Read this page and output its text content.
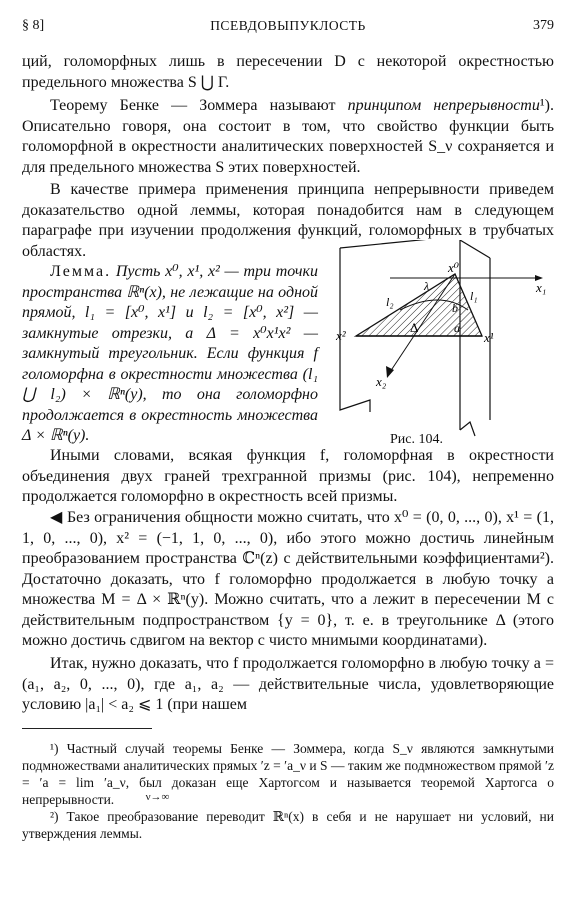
§ 8]	ПСЕВДОВЫПУКЛОСТЬ	379

ций, голоморфных лишь в пересечении D с некоторой окрестностью предельного множества S ⋃ Γ.

Теорему Бенке — Зоммера называют принципом непрерывности¹). Описательно говоря, она состоит в том, что свойство функции быть голоморфной в окрестности аналитических поверхностей S_ν сохраняется и для предельного множества S этих поверхностей.

В качестве примера применения принципа непрерывности приведем доказательство одной леммы, которая понадобится нам в следующем параграфе при изучении продолжения функций, голоморфных в трубчатых областях.

Лемма. Пусть x⁰, x¹, x² — три точки пространства ℝⁿ(x), не лежащие на одной прямой, l₁ = [x⁰, x¹] и l₂ = [x⁰, x²] — замкнутые отрезки, а Δ = x⁰x¹x² — замкнутый треугольник. Если функция f голоморфна в окрестности множества (l₁ ⋃ l₂) × ℝⁿ(y), то она голоморфно продолжается в окрестность множества Δ × ℝⁿ(y).

Иными словами, всякая функция f, голоморфная в окрестности объединения двух граней трехгранной призмы (рис. 104), непременно продолжается голоморфно в окрестность всей призмы.

◀ Без ограничения общности можно считать, что x⁰ = (0, 0, ..., 0), x¹ = (1, 1, 0, ..., 0), x² = (−1, 1, 0, ..., 0), ибо этого можно достичь линейным преобразованием пространства ℂⁿ(z) с действительными коэффициентами²). Достаточно доказать, что f голоморфно продолжается в любую точку a множества M = Δ × ℝⁿ(y). Можно считать, что a лежит в пересечении M с действительным подпространством {y = 0}, т. е. в треугольнике Δ (этого можно достичь сдвигом на вектор с чисто мнимыми координатами).

Итак, нужно доказать, что f продолжается голоморфно в любую точку a = (a₁, a₂, 0, ..., 0), где a₁, a₂ — действительные числа, удовлетворяющие условию |a₁| < a₂ ⩽ 1 (при нашем

x⁰
x¹
x²
x₁
x₂
l₁
l₂
λ
Δ	a
b
Рис. 104.

¹) Частный случай теоремы Бенке — Зоммера, когда S_ν являются замкнутыми подмножествами аналитических прямых ′z = ′a_ν и S — таким же подмножеством прямой ′z = ′a = lim ′a_ν, был доказан еще Хартогсом и называется теоремой Хартогса о непрерывности.	ν→∞

²) Такое преобразование переводит ℝⁿ(x) в себя и не нарушает ни условий, ни утверждения леммы.
